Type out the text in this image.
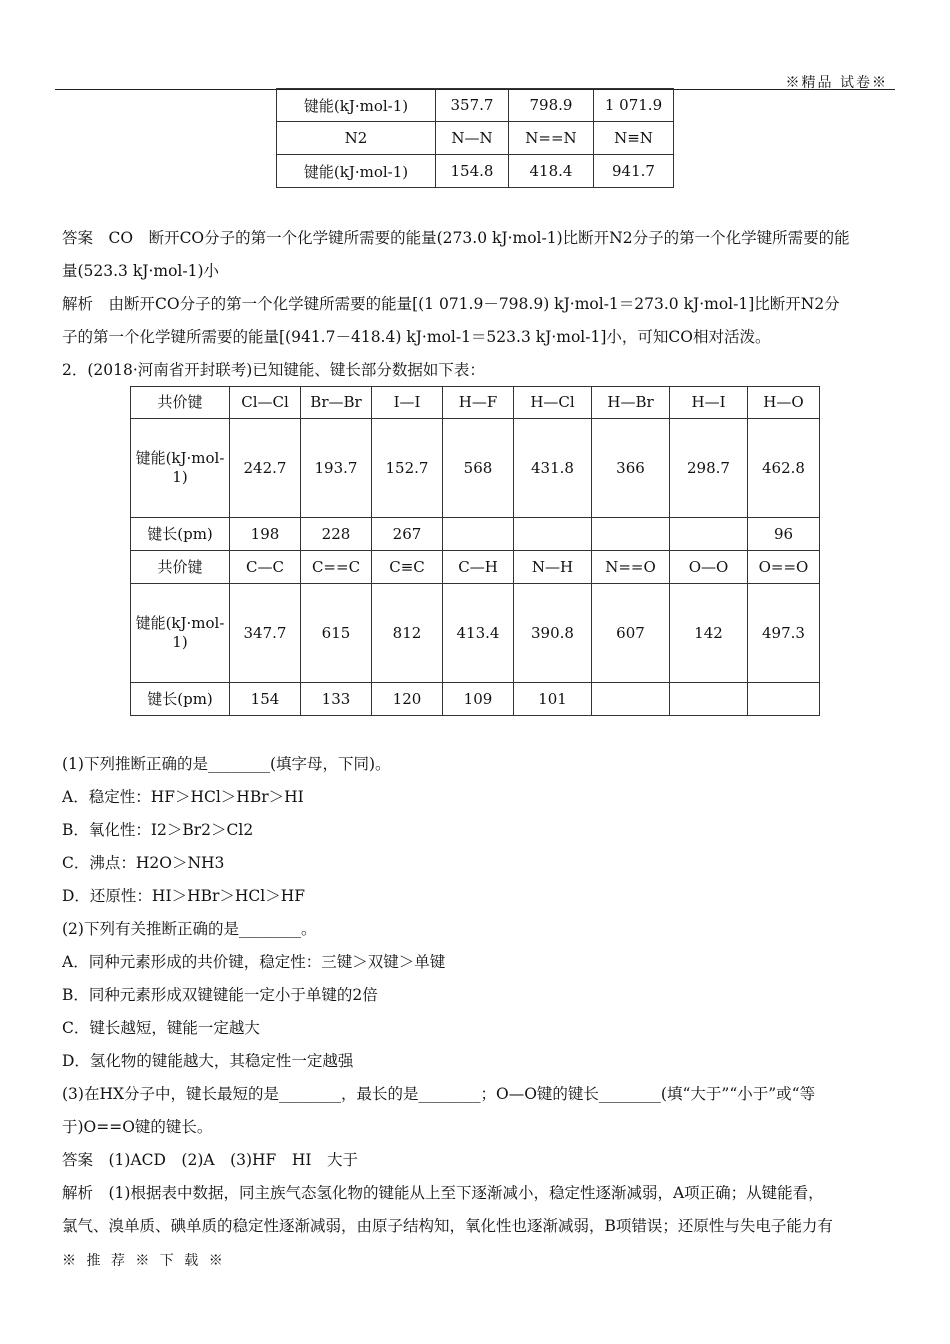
※精品 试卷※
键能(kJ·mol-1)	357.7	798.9	1 071.9
N2	N—N	N==N	N≡N
键能(kJ·mol-1)	154.8	418.4	941.7
答案　CO　断开CO分子的第一个化学键所需要的能量(273.0 kJ·mol-1)比断开N2分子的第一个化学键所需要的能
量(523.3 kJ·mol-1)小
解析　由断开CO分子的第一个化学键所需要的能量[(1 071.9－798.9) kJ·mol-1＝273.0 kJ·mol-1]比断开N2分
子的第一个化学键所需要的能量[(941.7－418.4) kJ·mol-1＝523.3 kJ·mol-1]小，可知CO相对活泼。
2．(2018·河南省开封联考)已知键能、键长部分数据如下表：
共价键	Cl—Cl	Br—Br	I—I	H—F	H—Cl	H—Br	H—I	H—O
键能(kJ·mol-1)	242.7	193.7	152.7	568	431.8	366	298.7	462.8
键长(pm)	198	228	267					96
共价键	C—C	C==C	C≡C	C—H	N—H	N==O	O—O	O==O
键能(kJ·mol-1)	347.7	615	812	413.4	390.8	607	142	497.3
键长(pm)	154	133	120	109	101			
(1)下列推断正确的是________(填字母，下同)。
A．稳定性：HF＞HCl＞HBr＞HI
B．氧化性：I2＞Br2＞Cl2
C．沸点：H2O＞NH3
D．还原性：HI＞HBr＞HCl＞HF
(2)下列有关推断正确的是________。
A．同种元素形成的共价键，稳定性：三键＞双键＞单键
B．同种元素形成双键键能一定小于单键的2倍
C．键长越短，键能一定越大
D．氢化物的键能越大，其稳定性一定越强
(3)在HX分子中，键长最短的是________，最长的是________；O—O键的键长________(填“大于”“小于”或“等
于)O==O键的键长。
答案　(1)ACD　(2)A　(3)HF　HI　大于
解析　(1)根据表中数据，同主族气态氢化物的键能从上至下逐渐减小，稳定性逐渐减弱，A项正确；从键能看，
氯气、溴单质、碘单质的稳定性逐渐减弱，由原子结构知，氧化性也逐渐减弱，B项错误；还原性与失电子能力有
※ 推 荐 ※ 下 载 ※
